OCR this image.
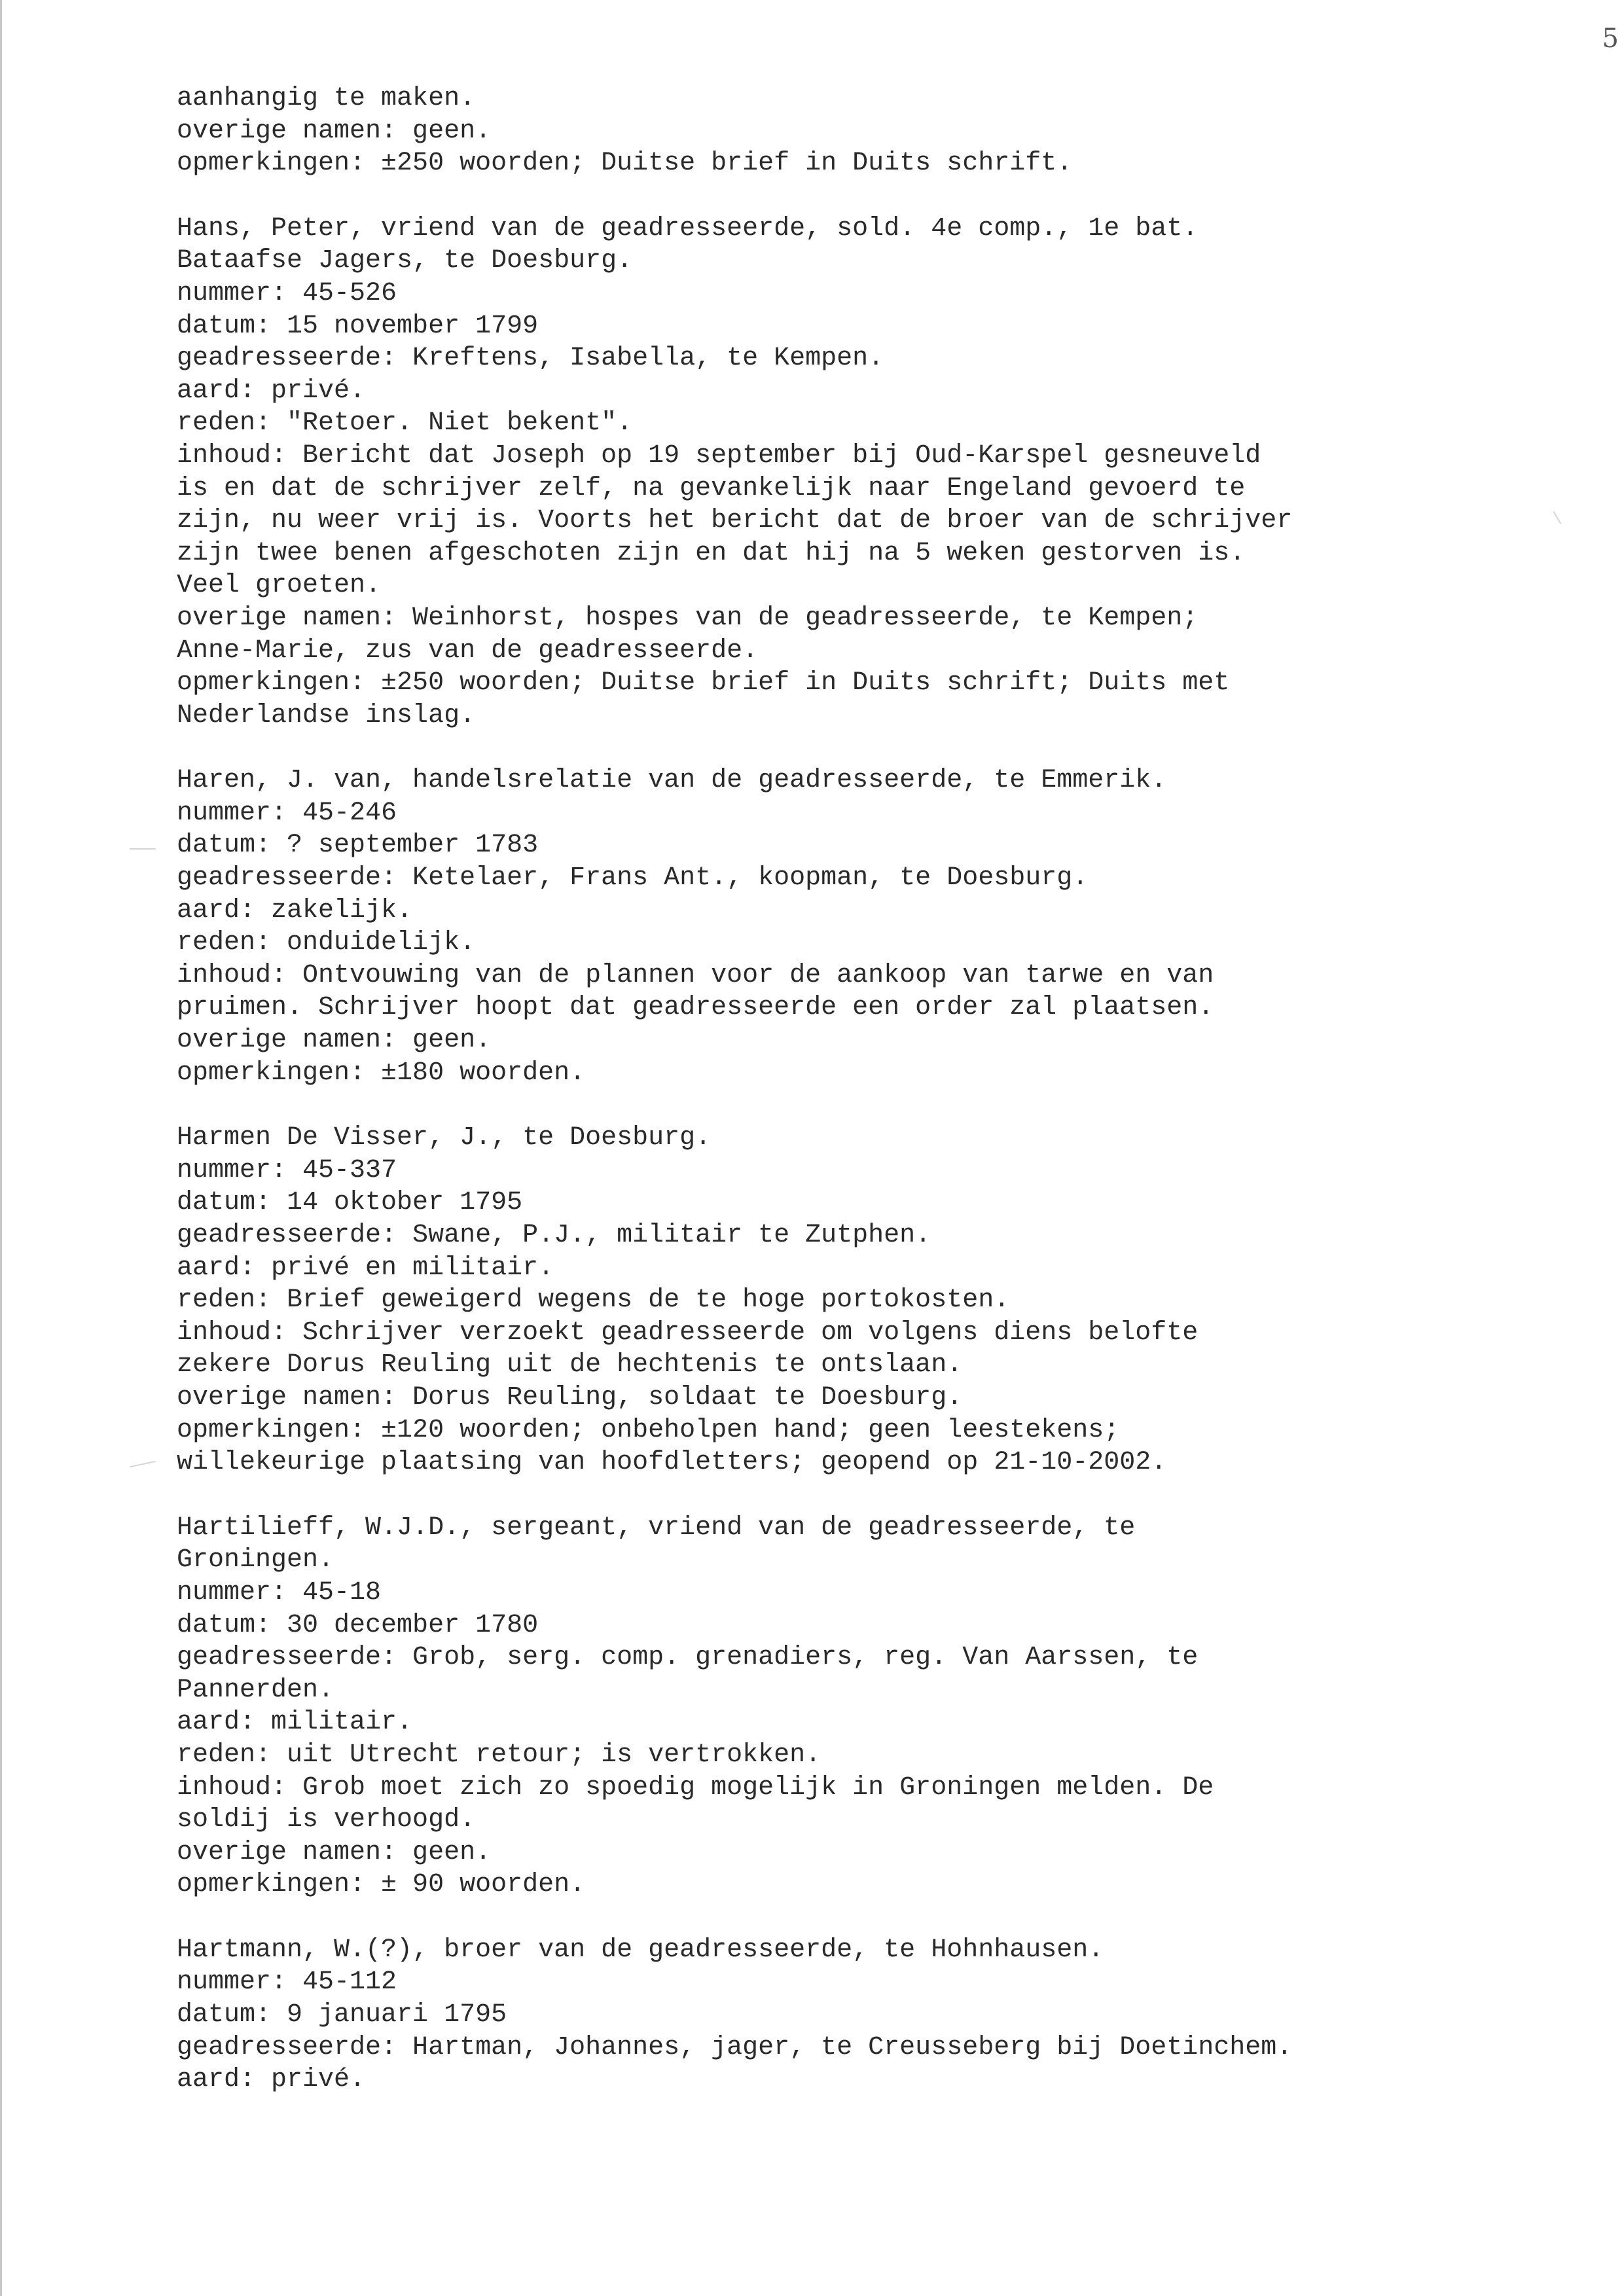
5
aanhangig te maken.
overige namen: geen.
opmerkingen: ±250 woorden; Duitse brief in Duits schrift.
Hans, Peter, vriend van de geadresseerde, sold. 4e comp., 1e bat.
Bataafse Jagers, te Doesburg.
nummer: 45-526
datum: 15 november 1799
geadresseerde: Kreftens, Isabella, te Kempen.
aard: privé.
reden: "Retoer. Niet bekent".
inhoud: Bericht dat Joseph op 19 september bij Oud-Karspel gesneuveld
is en dat de schrijver zelf, na gevankelijk naar Engeland gevoerd te
zijn, nu weer vrij is. Voorts het bericht dat de broer van de schrijver
zijn twee benen afgeschoten zijn en dat hij na 5 weken gestorven is.
Veel groeten.
overige namen: Weinhorst, hospes van de geadresseerde, te Kempen;
Anne-Marie, zus van de geadresseerde.
opmerkingen: ±250 woorden; Duitse brief in Duits schrift; Duits met
Nederlandse inslag.
Haren, J. van, handelsrelatie van de geadresseerde, te Emmerik.
nummer: 45-246
datum: ? september 1783
geadresseerde: Ketelaer, Frans Ant., koopman, te Doesburg.
aard: zakelijk.
reden: onduidelijk.
inhoud: Ontvouwing van de plannen voor de aankoop van tarwe en van
pruimen. Schrijver hoopt dat geadresseerde een order zal plaatsen.
overige namen: geen.
opmerkingen: ±180 woorden.
Harmen De Visser, J., te Doesburg.
nummer: 45-337
datum: 14 oktober 1795
geadresseerde: Swane, P.J., militair te Zutphen.
aard: privé en militair.
reden: Brief geweigerd wegens de te hoge portokosten.
inhoud: Schrijver verzoekt geadresseerde om volgens diens belofte
zekere Dorus Reuling uit de hechtenis te ontslaan.
overige namen: Dorus Reuling, soldaat te Doesburg.
opmerkingen: ±120 woorden; onbeholpen hand; geen leestekens;
willekeurige plaatsing van hoofdletters; geopend op 21-10-2002.
Hartilieff, W.J.D., sergeant, vriend van de geadresseerde, te
Groningen.
nummer: 45-18
datum: 30 december 1780
geadresseerde: Grob, serg. comp. grenadiers, reg. Van Aarssen, te
Pannerden.
aard: militair.
reden: uit Utrecht retour; is vertrokken.
inhoud: Grob moet zich zo spoedig mogelijk in Groningen melden. De
soldij is verhoogd.
overige namen: geen.
opmerkingen: ± 90 woorden.
Hartmann, W.(?), broer van de geadresseerde, te Hohnhausen.
nummer: 45-112
datum: 9 januari 1795
geadresseerde: Hartman, Johannes, jager, te Creusseberg bij Doetinchem.
aard: privé.
